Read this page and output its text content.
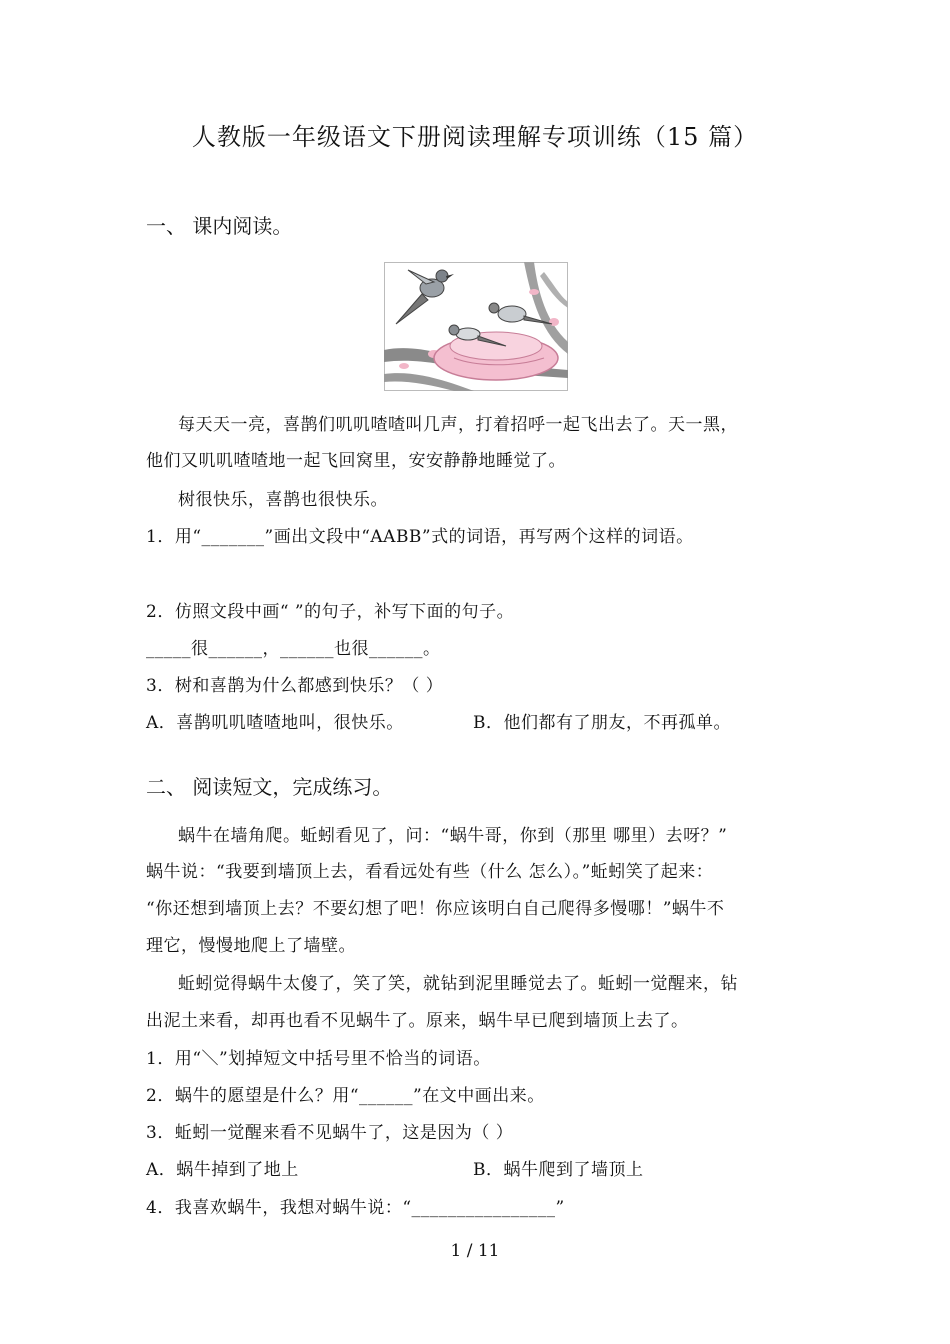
人教版一年级语文下册阅读理解专项训练（15 篇）
一、 课内阅读。
每天天一亮，喜鹊们叽叽喳喳叫几声，打着招呼一起飞出去了。天一黑，
他们又叽叽喳喳地一起飞回窝里，安安静静地睡觉了。
树很快乐，喜鹊也很快乐。
1．用“_______”画出文段中“AABB”式的词语，再写两个这样的词语。
2．仿照文段中画“ ”的句子，补写下面的句子。
_____很______，______也很______。
3．树和喜鹊为什么都感到快乐？（ ）
A．喜鹊叽叽喳喳地叫，很快乐。	B．他们都有了朋友，不再孤单。
二、 阅读短文，完成练习。
蜗牛在墙角爬。蚯蚓看见了，问：“蜗牛哥，你到（那里 哪里）去呀？”
蜗牛说：“我要到墙顶上去，看看远处有些（什么 怎么）。”蚯蚓笑了起来：
“你还想到墙顶上去？不要幻想了吧！你应该明白自己爬得多慢哪！”蜗牛不
理它，慢慢地爬上了墙壁。
蚯蚓觉得蜗牛太傻了，笑了笑，就钻到泥里睡觉去了。蚯蚓一觉醒来，钻
出泥土来看，却再也看不见蜗牛了。原来，蜗牛早已爬到墙顶上去了。
1．用“＼”划掉短文中括号里不恰当的词语。
2．蜗牛的愿望是什么？用“______”在文中画出来。
3．蚯蚓一觉醒来看不见蜗牛了，这是因为（ ）
A．蜗牛掉到了地上	B．蜗牛爬到了墙顶上
4．我喜欢蜗牛，我想对蜗牛说：“________________”
1 / 11
